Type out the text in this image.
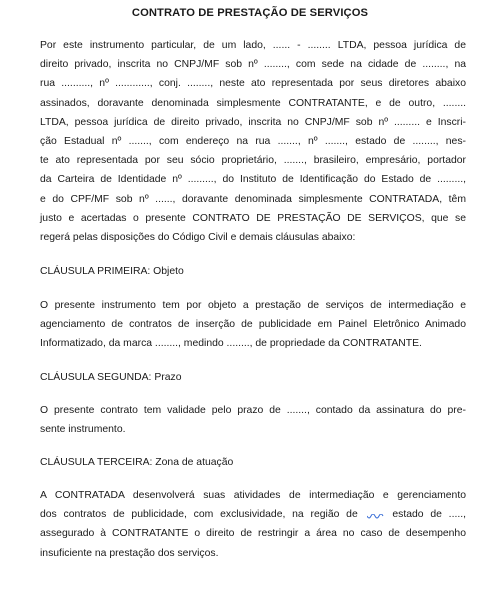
CONTRATO DE PRESTAÇÃO DE SERVIÇOS
Por este instrumento particular, de um lado, ...... - ........ LTDA, pessoa jurídica de
direito privado, inscrita no CNPJ/MF sob nº ........, com sede na cidade de ........, na
rua .........., nº ............, conj. ........, neste ato representada por seus diretores abaixo
assinados, doravante denominada simplesmente CONTRATANTE, e de outro, ........
LTDA, pessoa jurídica de direito privado, inscrita no CNPJ/MF sob nº ......... e Inscri-
ção Estadual nº ......., com endereço na rua ......., nº ......., estado de ........, nes-
te ato representada por seu sócio proprietário, ......., brasileiro, empresário, portador
da Carteira de Identidade nº ........., do Instituto de Identificação do Estado de .........,
e do CPF/MF sob nº ......, doravante denominada simplesmente CONTRATADA, têm
justo e acertadas o presente CONTRATO DE PRESTAÇÃO DE SERVIÇOS, que se
regerá pelas disposições do Código Civil e demais cláusulas abaixo:
CLÁUSULA PRIMEIRA: Objeto
O presente instrumento tem por objeto a prestação de serviços de intermediação e
agenciamento de contratos de inserção de publicidade em Painel Eletrônico Animado
Informatizado, da marca ........, medindo ........, de propriedade da CONTRATANTE.
CLÁUSULA SEGUNDA: Prazo
O presente contrato tem validade pelo prazo de ......., contado da assinatura do pre-
sente instrumento.
CLÁUSULA TERCEIRA: Zona de atuação
A CONTRATADA desenvolverá suas atividades de intermediação e gerenciamento
dos contratos de publicidade, com exclusividade, na região de	estado de .....,
assegurado à CONTRATANTE o direito de restringir a área no caso de desempenho
insuficiente na prestação dos serviços.
